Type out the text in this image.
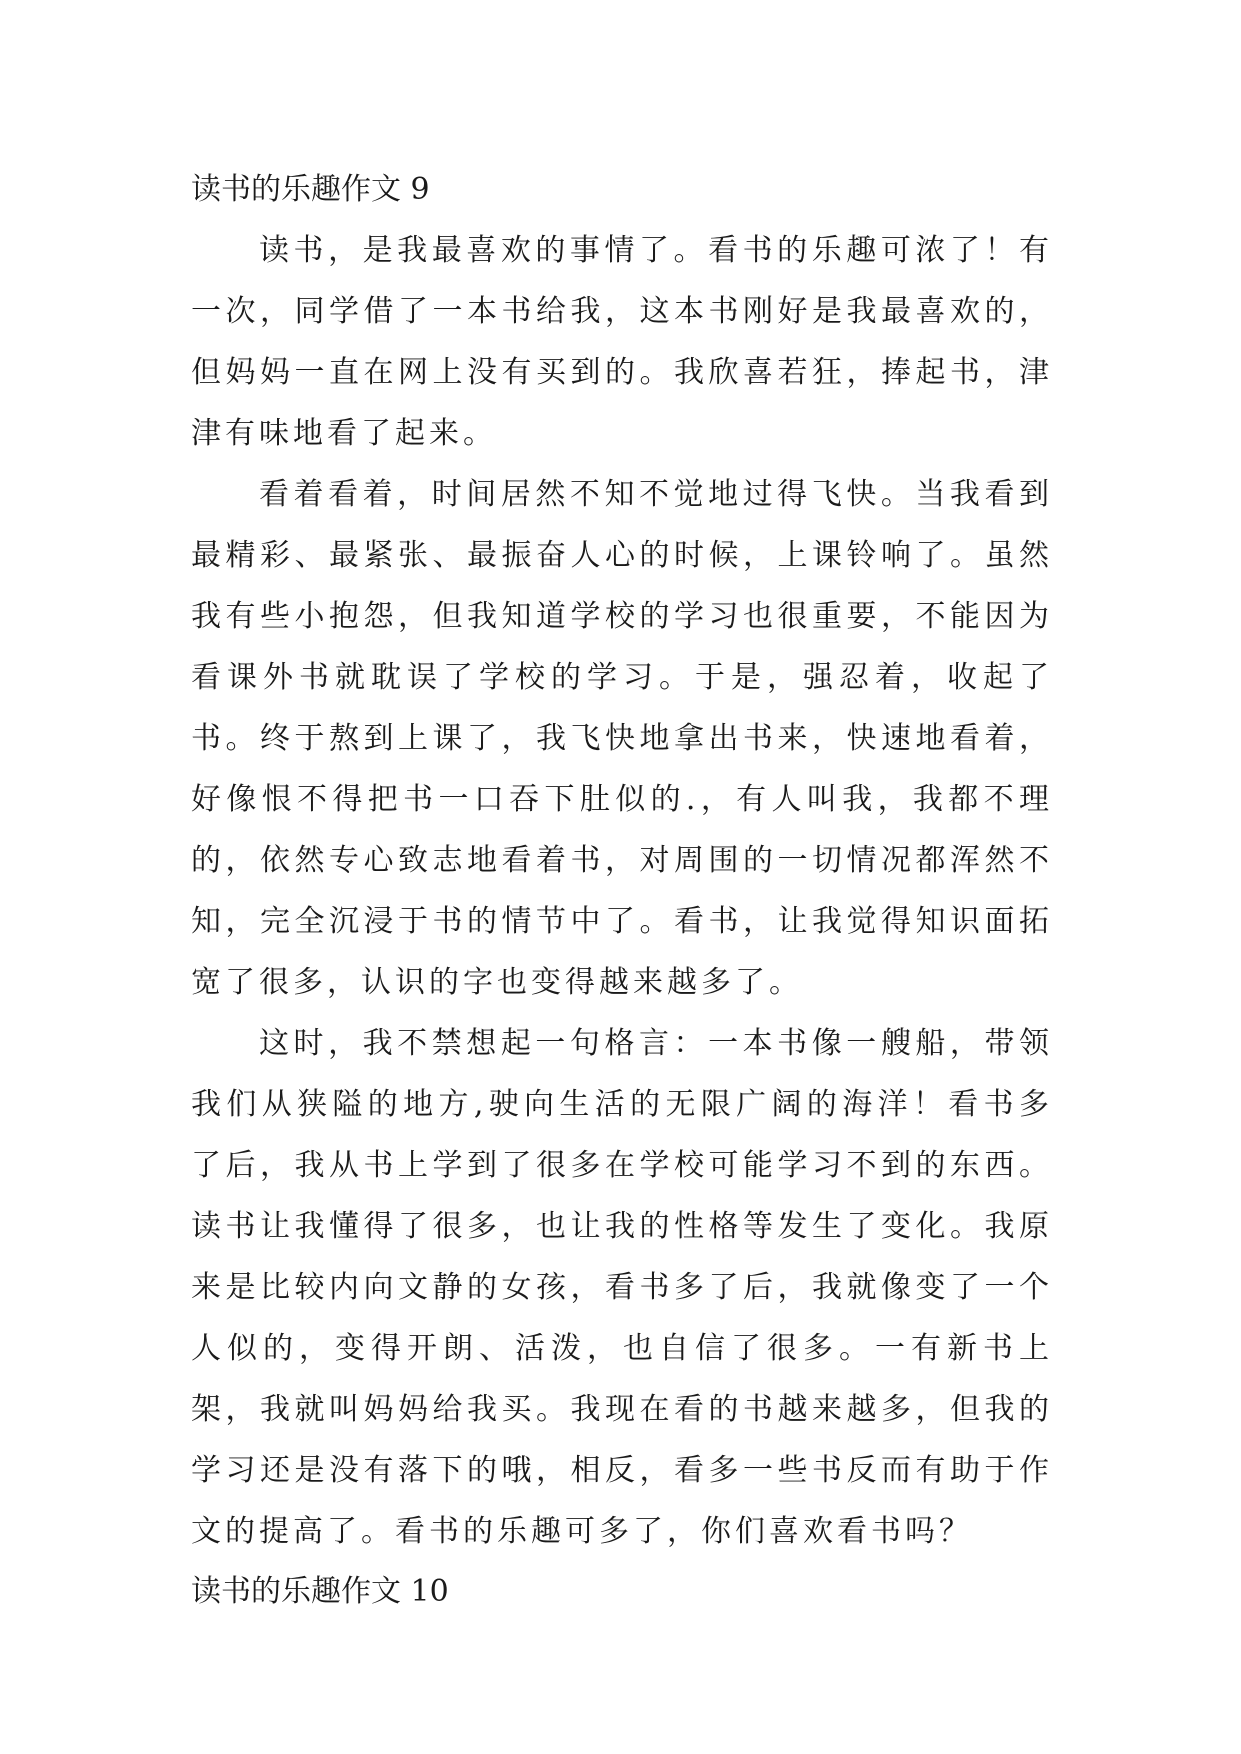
读书的乐趣作文 9

读书，是我最喜欢的事情了。看书的乐趣可浓了！有一次，同学借了一本书给我，这本书刚好是我最喜欢的，但妈妈一直在网上没有买到的。我欣喜若狂，捧起书，津津有味地看了起来。

看着看着，时间居然不知不觉地过得飞快。当我看到最精彩、最紧张、最振奋人心的时候，上课铃响了。虽然我有些小抱怨，但我知道学校的学习也很重要，不能因为看课外书就耽误了学校的学习。于是，强忍着，收起了书。终于熬到上课了，我飞快地拿出书来，快速地看着，好像恨不得把书一口吞下肚似的.，有人叫我，我都不理的，依然专心致志地看着书，对周围的一切情况都浑然不知，完全沉浸于书的情节中了。看书，让我觉得知识面拓宽了很多，认识的字也变得越来越多了。

这时，我不禁想起一句格言：一本书像一艘船，带领我们从狭隘的地方,驶向生活的无限广阔的海洋！看书多了后，我从书上学到了很多在学校可能学习不到的东西。读书让我懂得了很多，也让我的性格等发生了变化。我原来是比较内向文静的女孩，看书多了后，我就像变了一个人似的，变得开朗、活泼，也自信了很多。一有新书上架，我就叫妈妈给我买。我现在看的书越来越多，但我的学习还是没有落下的哦，相反，看多一些书反而有助于作文的提高了。看书的乐趣可多了，你们喜欢看书吗？

读书的乐趣作文 10
